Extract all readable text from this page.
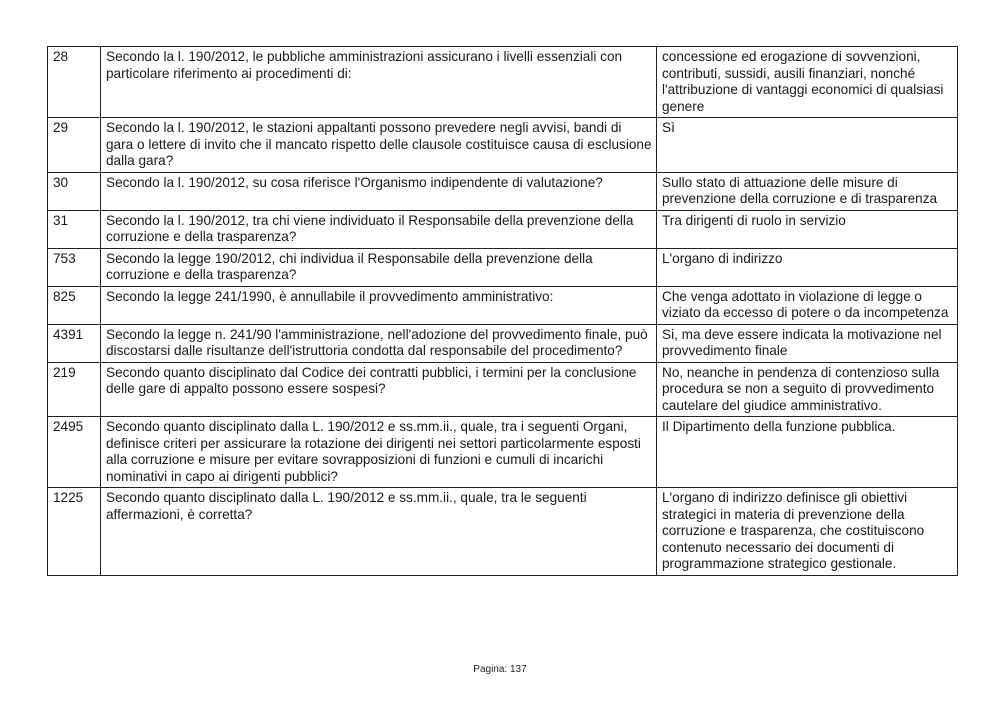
28	Secondo la l. 190/2012, le pubbliche amministrazioni assicurano i livelli essenziali con particolare riferimento ai procedimenti di:	concessione ed erogazione di sovvenzioni, contributi, sussidi, ausili finanziari, nonché l'attribuzione di vantaggi economici di qualsiasi genere
29	Secondo la l. 190/2012, le stazioni appaltanti possono prevedere negli avvisi, bandi di gara o lettere di invito che il mancato rispetto delle clausole costituisce causa di esclusione dalla gara?	Sì
30	Secondo la l. 190/2012, su cosa riferisce l'Organismo indipendente di valutazione?	Sullo stato di attuazione delle misure di prevenzione della corruzione e di trasparenza
31	Secondo la l. 190/2012, tra chi viene individuato il Responsabile della prevenzione della corruzione e della trasparenza?	Tra dirigenti di ruolo in servizio
753	Secondo la legge 190/2012, chi individua il Responsabile della prevenzione della corruzione e della trasparenza?	L'organo di indirizzo
825	Secondo la legge 241/1990, è annullabile il provvedimento amministrativo:	Che venga adottato in violazione di legge o viziato da eccesso di potere o da incompetenza
4391	Secondo la legge n. 241/90 l'amministrazione, nell'adozione del provvedimento finale, può discostarsi dalle risultanze dell'istruttoria condotta dal responsabile del procedimento?	Si, ma deve essere indicata la motivazione nel provvedimento finale
219	Secondo quanto disciplinato dal Codice dei contratti pubblici, i termini per la conclusione delle gare di appalto possono essere sospesi?	No, neanche in pendenza di contenzioso sulla procedura se non a seguito di provvedimento cautelare del giudice amministrativo.
2495	Secondo quanto disciplinato dalla L. 190/2012 e ss.mm.ii., quale, tra i seguenti Organi, definisce criteri per assicurare la rotazione dei dirigenti nei settori particolarmente esposti alla corruzione e misure per evitare sovrapposizioni di funzioni e cumuli di incarichi nominativi in capo ai dirigenti pubblici?	Il Dipartimento della funzione pubblica.
1225	Secondo quanto disciplinato dalla L. 190/2012 e ss.mm.ii., quale, tra le seguenti affermazioni, è corretta?	L'organo di indirizzo definisce gli obiettivi strategici in materia di prevenzione della corruzione e trasparenza, che costituiscono contenuto necessario dei documenti di programmazione strategico gestionale.
Pagina: 137
